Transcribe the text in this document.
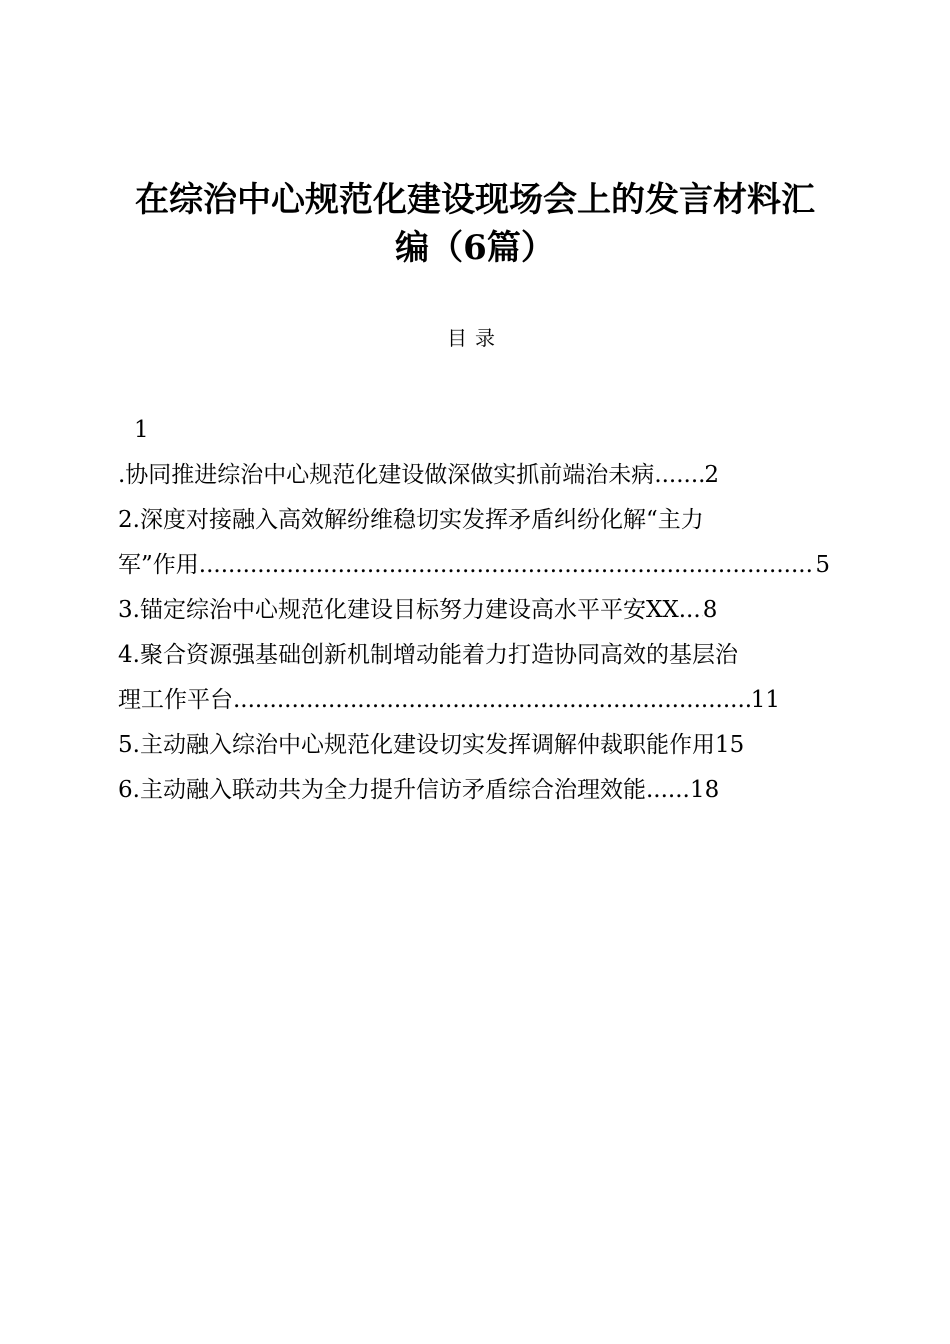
在综治中心规范化建设现场会上的发言材料汇
编（6篇）
目录
1
.协同推进综治中心规范化建设做深做实抓前端治未病 ..... 2
2.深度对接融入高效解纷维稳切实发挥矛盾纠纷化解“主力
军”作用 .....	5
3.锚定综治中心规范化建设目标努力建设高水平平安XX ..... 8
4.聚合资源强基础创新机制增动能着力打造协同高效的基层治
理工作平台 .....	11
5.主动融入综治中心规范化建设切实发挥调解仲裁职能作用 15
6.主动融入联动共为全力提升信访矛盾综合治理效能 ..... 18
